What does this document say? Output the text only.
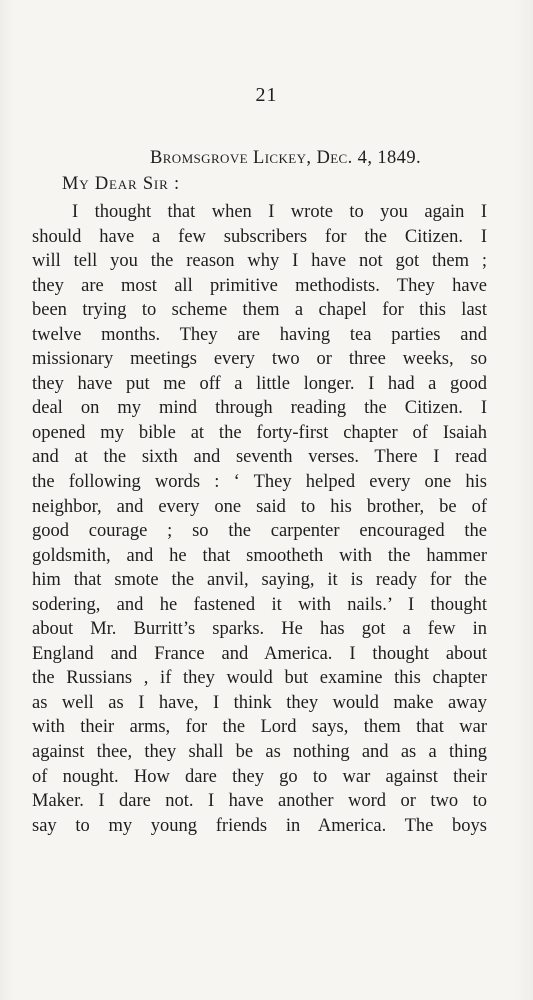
21
Bromsgrove Lickey, Dec. 4, 1849.
My Dear Sir :
I thought that when I wrote to you again I
should have a few subscribers for the Citizen. I
will tell you the reason why I have not got them ;
they are most all primitive methodists. They have
been trying to scheme them a chapel for this last
twelve months. They are having tea parties and
missionary meetings every two or three weeks, so
they have put me off a little longer. I had a good
deal on my mind through reading the Citizen. I
opened my bible at the forty-first chapter of Isaiah
and at the sixth and seventh verses. There I read
the following words : ‘ They helped every one his
neighbor, and every one said to his brother, be of
good courage ; so the carpenter encouraged the
goldsmith, and he that smootheth with the hammer
him that smote the anvil, saying, it is ready for the
sodering, and he fastened it with nails.’ I thought
about Mr. Burritt’s sparks. He has got a few in
England and France and America. I thought about
the Russians , if they would but examine this chapter
as well as I have, I think they would make away
with their arms, for the Lord says, them that war
against thee, they shall be as nothing and as a thing
of nought. How dare they go to war against their
Maker. I dare not. I have another word or two to
say to my young friends in America. The boys
